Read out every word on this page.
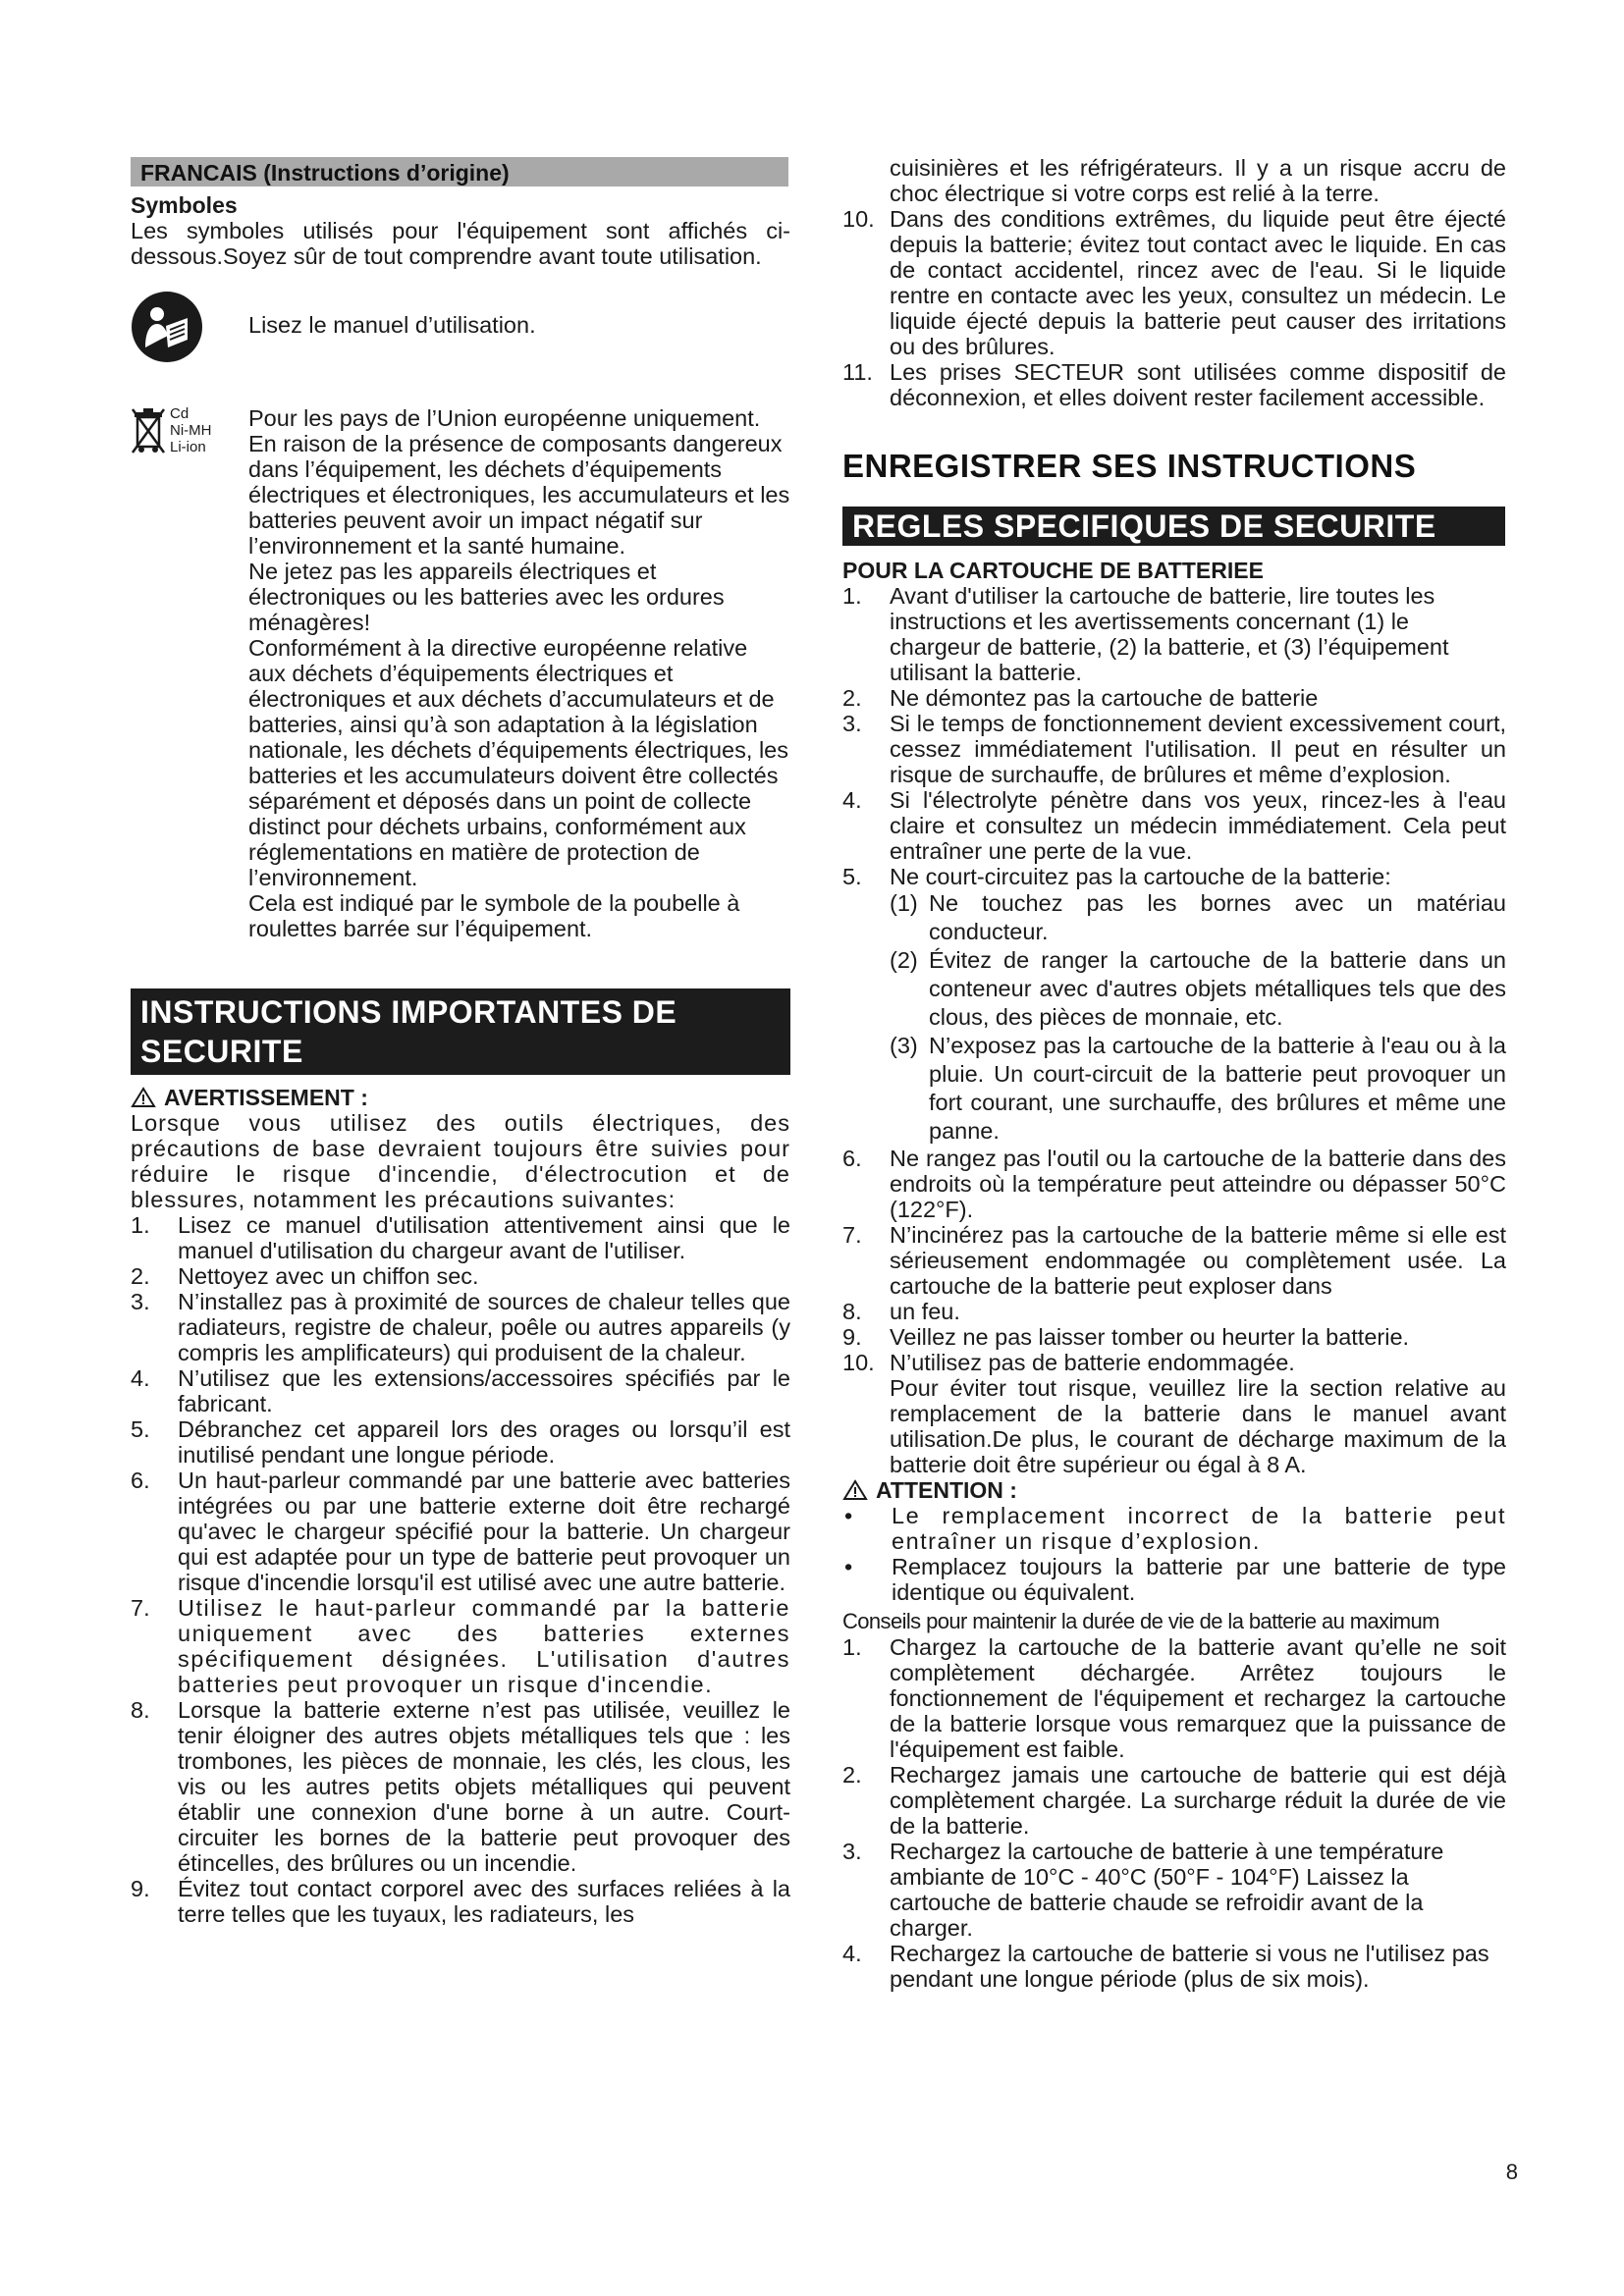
FRANCAIS (Instructions d’origine)
Symboles

Les symboles utilisés pour l'équipement sont affichés ci-dessous.Soyez sûr de tout comprendre avant toute utilisation.

Lisez le manuel d’utilisation.
Cd
Ni-MH
Li-ion
Pour les pays de l’Union européenne uniquement.
En raison de la présence de composants dangereux dans l’équipement, les déchets d’équipements électriques et électroniques, les accumulateurs et les batteries peuvent avoir un impact négatif sur l’environnement et la santé humaine.
Ne jetez pas les appareils électriques et électroniques ou les batteries avec les ordures ménagères!
Conformément à la directive européenne relative aux déchets d’équipements électriques et électroniques et aux déchets d’accumulateurs et de batteries, ainsi qu’à son adaptation à la législation nationale, les déchets d’équipements électriques, les batteries et les accumulateurs doivent être collectés séparément et déposés dans un point de collecte distinct pour déchets urbains, conformément aux réglementations en matière de protection de l’environnement.
Cela est indiqué par le symbole de la poubelle à roulettes barrée sur l’équipement.
INSTRUCTIONS IMPORTANTES DE SECURITE
AVERTISSEMENT :

Lorsque vous utilisez des outils électriques, des précautions de base devraient toujours être suivies pour réduire le risque d'incendie, d'électrocution et de blessures, notamment les précautions suivantes:

1.	Lisez ce manuel d'utilisation attentivement ainsi que le manuel d'utilisation du chargeur avant de l'utiliser.
2.	Nettoyez avec un chiffon sec.
3.	N’installez pas à proximité de sources de chaleur telles que radiateurs, registre de chaleur, poêle ou autres appareils (y compris les amplificateurs) qui produisent de la chaleur.
4.	N’utilisez que les extensions/accessoires spécifiés par le fabricant.
5.	Débranchez cet appareil lors des orages ou lorsqu’il est inutilisé pendant une longue période.
6.	Un haut-parleur commandé par une batterie avec batteries intégrées ou par une batterie externe doit être rechargé qu'avec le chargeur spécifié pour la batterie. Un chargeur qui est adaptée pour un type de batterie peut provoquer un risque d'incendie lorsqu'il est utilisé avec une autre batterie.
7.	Utilisez le haut-parleur commandé par la batterie uniquement avec des batteries externes spécifiquement désignées. L'utilisation d'autres batteries peut provoquer un risque d'incendie.
8.	Lorsque la batterie externe n’est pas utilisée, veuillez le tenir éloigner des autres objets métalliques tels que : les trombones, les pièces de monnaie, les clés, les clous, les vis ou les autres petits objets métalliques qui peuvent établir une connexion d'une borne à un autre. Court-circuiter les bornes de la batterie peut provoquer des étincelles, des brûlures ou un incendie.
9.	Évitez tout contact corporel avec des surfaces reliées à la terre telles que les tuyaux, les radiateurs, les

cuisinières et les réfrigérateurs. Il y a un risque accru de choc électrique si votre corps est relié à la terre.

10. Dans des conditions extrêmes, du liquide peut être éjecté depuis la batterie; évitez tout contact avec le liquide. En cas de contact accidentel, rincez avec de l'eau. Si le liquide rentre en contacte avec les yeux, consultez un médecin. Le liquide éjecté depuis la batterie peut causer des irritations ou des brûlures.
11. Les prises SECTEUR sont utilisées comme dispositif de déconnexion, et elles doivent rester facilement accessible.
ENREGISTRER SES INSTRUCTIONS
REGLES SPECIFIQUES DE SECURITE
POUR LA CARTOUCHE DE BATTERIEE
1.	Avant d'utiliser la cartouche de batterie, lire toutes les instructions et les avertissements concernant (1) le chargeur de batterie, (2) la batterie, et (3) l’équipement utilisant la batterie.
2.	Ne démontez pas la cartouche de batterie
3.	Si le temps de fonctionnement devient excessivement court, cessez immédiatement l'utilisation. Il peut en résulter un risque de surchauffe, de brûlures et même d’explosion.
4.	Si l'électrolyte pénètre dans vos yeux, rincez-les à l'eau claire et consultez un médecin immédiatement. Cela peut entraîner une perte de la vue.
5.	Ne court-circuitez pas la cartouche de la batterie:
(1) Ne touchez pas les bornes avec un matériau conducteur.
(2) Évitez de ranger la cartouche de la batterie dans un conteneur avec d'autres objets métalliques tels que des clous, des pièces de monnaie, etc.
(3) N’exposez pas la cartouche de la batterie à l'eau ou à la pluie. Un court-circuit de la batterie peut provoquer un fort courant, une surchauffe, des brûlures et même une panne.
6.	Ne rangez pas l'outil ou la cartouche de la batterie dans des endroits où la température peut atteindre ou dépasser 50°C (122°F).
7.	N’incinérez pas la cartouche de la batterie même si elle est sérieusement endommagée ou complètement usée. La cartouche de la batterie peut exploser dans
8.	un feu.
9.	Veillez ne pas laisser tomber ou heurter la batterie.
10. N’utilisez pas de batterie endommagée.

Pour éviter tout risque, veuillez lire la section relative au remplacement de la batterie dans le manuel avant utilisation.De plus, le courant de décharge maximum de la batterie doit être supérieur ou égal à 8 A.

ATTENTION :
•	Le remplacement incorrect de la batterie peut entraîner un risque d’explosion.
•	Remplacez toujours la batterie par une batterie de type identique ou équivalent.

Conseils pour maintenir la durée de vie de la batterie au maximum

1.	Chargez la cartouche de la batterie avant qu’elle ne soit complètement déchargée. Arrêtez toujours le fonctionnement de l'équipement et rechargez la cartouche de la batterie lorsque vous remarquez que la puissance de l'équipement est faible.
2.	Rechargez jamais une cartouche de batterie qui est déjà complètement chargée. La surcharge réduit la durée de vie de la batterie.
3.	Rechargez la cartouche de batterie à une température ambiante de 10°C - 40°C (50°F - 104°F) Laissez la cartouche de batterie chaude se refroidir avant de la charger.
4.	Rechargez la cartouche de batterie si vous ne l'utilisez pas pendant une longue période (plus de six mois).
8
